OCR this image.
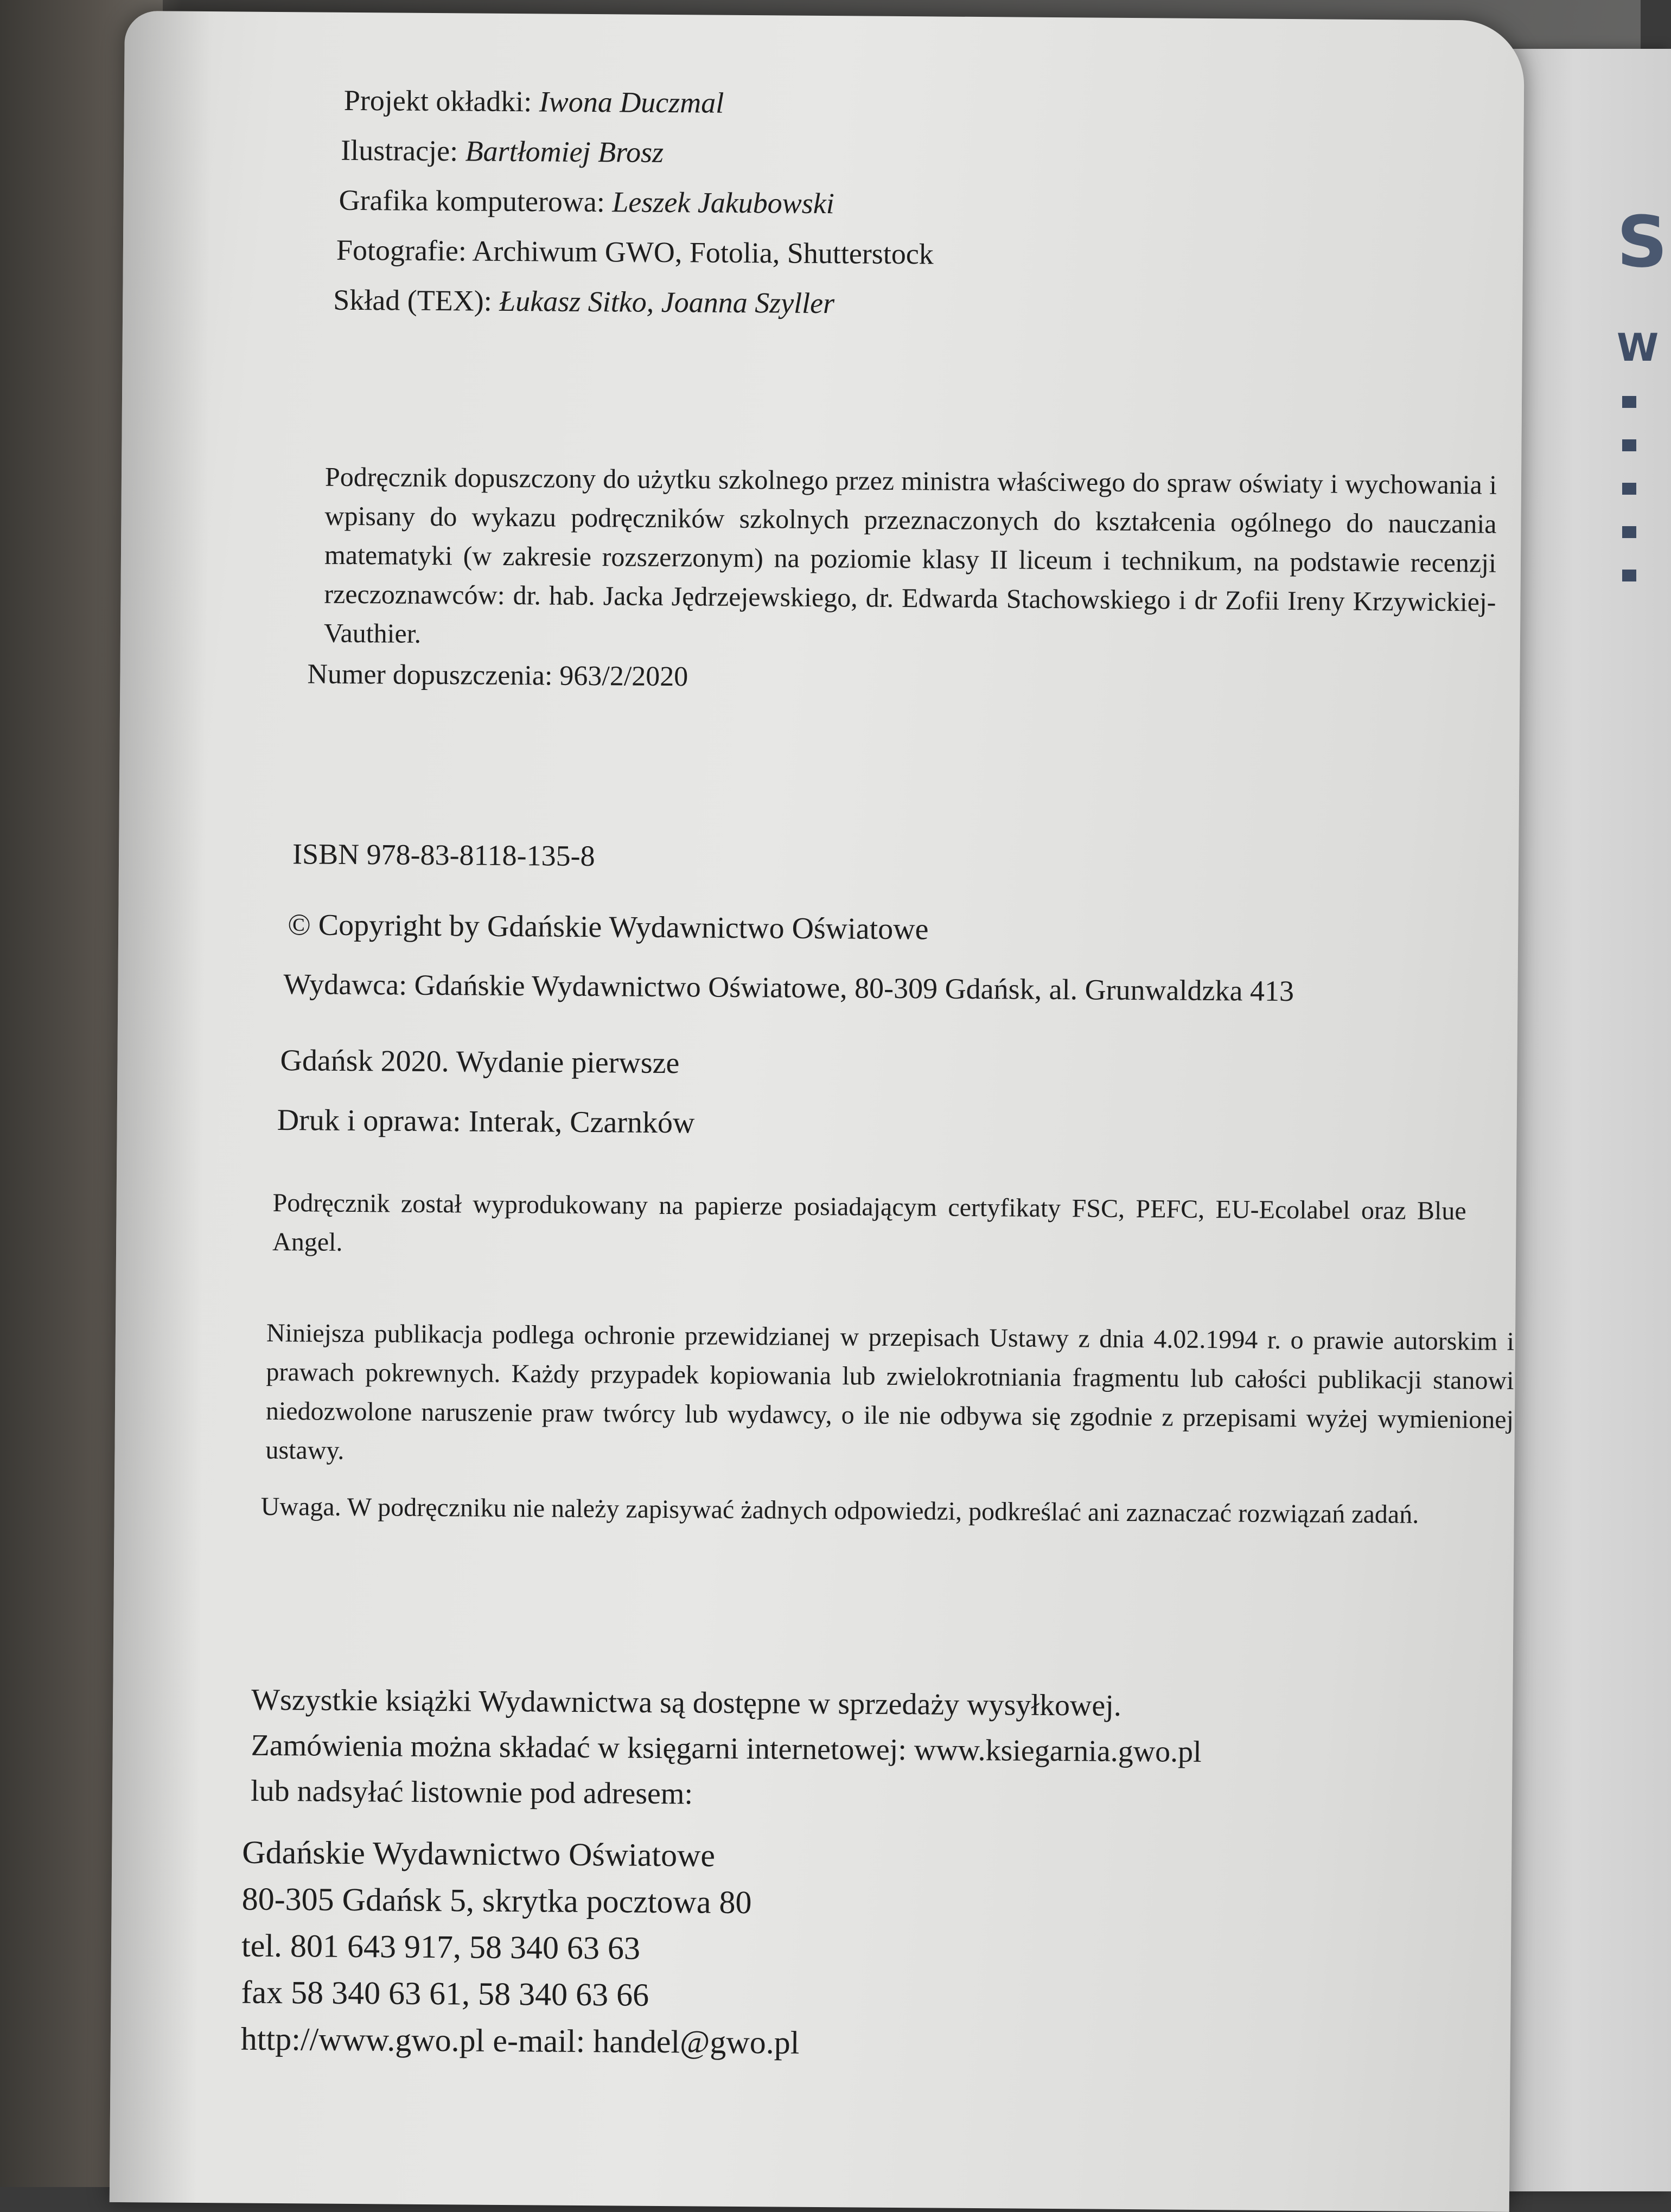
S
W
Projekt okładki: Iwona Duczmal
Ilustracje: Bartłomiej Brosz
Grafika komputerowa: Leszek Jakubowski
Fotografie: Archiwum GWO, Fotolia, Shutterstock
Skład (TEX): Łukasz Sitko, Joanna Szyller
Podręcznik dopuszczony do użytku szkolnego przez ministra właściwego do spraw oświaty i wychowania i wpisany do wykazu podręczników szkolnych przeznaczonych do kształcenia ogólnego do nauczania matematyki (w zakresie rozszerzonym) na poziomie klasy II liceum i technikum, na podstawie recenzji rzeczoznawców: dr. hab. Jacka Jędrzejewskiego, dr. Edwarda Stachowskiego i dr Zofii Ireny Krzywickiej-Vauthier.
Numer dopuszczenia: 963/2/2020
ISBN 978-83-8118-135-8
© Copyright by Gdańskie Wydawnictwo Oświatowe
Wydawca: Gdańskie Wydawnictwo Oświatowe, 80-309 Gdańsk, al. Grunwaldzka 413
Gdańsk 2020. Wydanie pierwsze
Druk i oprawa: Interak, Czarnków
Podręcznik został wyprodukowany na papierze posiadającym certyfikaty FSC, PEFC, EU-Ecolabel oraz Blue Angel.
Niniejsza publikacja podlega ochronie przewidzianej w przepisach Ustawy z dnia 4.02.1994 r. o prawie autorskim i prawach pokrewnych. Każdy przypadek kopiowania lub zwielokrotniania fragmentu lub całości publikacji stanowi niedozwolone naruszenie praw twórcy lub wydawcy, o ile nie odbywa się zgodnie z przepisami wyżej wymienionej ustawy.
Uwaga. W podręczniku nie należy zapisywać żadnych odpowiedzi, podkreślać ani zaznaczać rozwiązań zadań.
Wszystkie książki Wydawnictwa są dostępne w sprzedaży wysyłkowej.
Zamówienia można składać w księgarni internetowej: www.ksiegarnia.gwo.pl
lub nadsyłać listownie pod adresem:
Gdańskie Wydawnictwo Oświatowe
80-305 Gdańsk 5, skrytka pocztowa 80
tel. 801 643 917, 58 340 63 63
fax 58 340 63 61, 58 340 63 66
http://www.gwo.pl e-mail: handel@gwo.pl
